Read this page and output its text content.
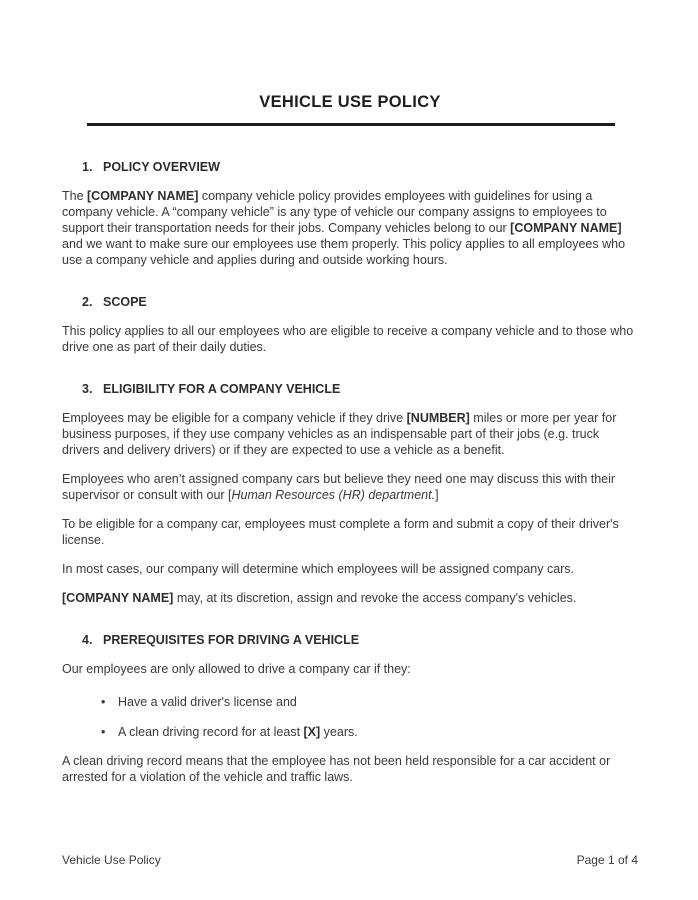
VEHICLE USE POLICY
1. POLICY OVERVIEW

The [COMPANY NAME] company vehicle policy provides employees with guidelines for using a company vehicle. A “company vehicle” is any type of vehicle our company assigns to employees to support their transportation needs for their jobs. Company vehicles belong to our [COMPANY NAME] and we want to make sure our employees use them properly. This policy applies to all employees who use a company vehicle and applies during and outside working hours.

2. SCOPE

This policy applies to all our employees who are eligible to receive a company vehicle and to those who drive one as part of their daily duties.

3. ELIGIBILITY FOR A COMPANY VEHICLE

Employees may be eligible for a company vehicle if they drive [NUMBER] miles or more per year for business purposes, if they use company vehicles as an indispensable part of their jobs (e.g. truck drivers and delivery drivers) or if they are expected to use a vehicle as a benefit.

Employees who aren’t assigned company cars but believe they need one may discuss this with their supervisor or consult with our [Human Resources (HR) department.]

To be eligible for a company car, employees must complete a form and submit a copy of their driver's license.

In most cases, our company will determine which employees will be assigned company cars.

[COMPANY NAME] may, at its discretion, assign and revoke the access company's vehicles.

4. PREREQUISITES FOR DRIVING A VEHICLE

Our employees are only allowed to drive a company car if they:

• Have a valid driver's license and
• A clean driving record for at least [X] years.

A clean driving record means that the employee has not been held responsible for a car accident or arrested for a violation of the vehicle and traffic laws.

Vehicle Use Policy	Page 1 of 4
